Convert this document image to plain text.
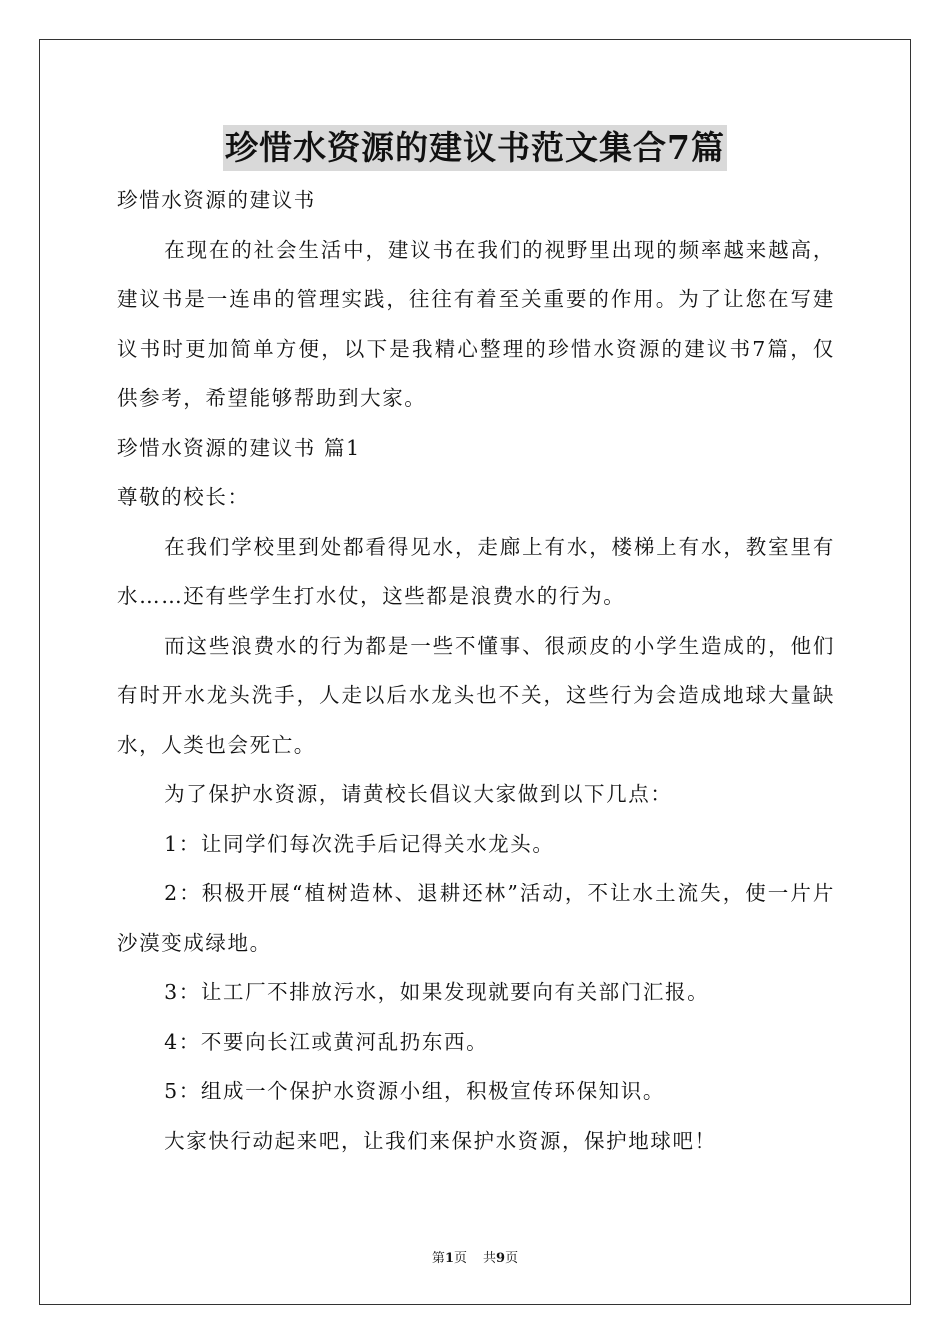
珍惜水资源的建议书范文集合7篇

珍惜水资源的建议书

在现在的社会生活中，建议书在我们的视野里出现的频率越来越高，建议书是一连串的管理实践，往往有着至关重要的作用。为了让您在写建议书时更加简单方便，以下是我精心整理的珍惜水资源的建议书7篇，仅供参考，希望能够帮助到大家。

珍惜水资源的建议书 篇1

尊敬的校长：

在我们学校里到处都看得见水，走廊上有水，楼梯上有水，教室里有水……还有些学生打水仗，这些都是浪费水的行为。

而这些浪费水的行为都是一些不懂事、很顽皮的小学生造成的，他们有时开水龙头洗手，人走以后水龙头也不关，这些行为会造成地球大量缺水，人类也会死亡。

为了保护水资源，请黄校长倡议大家做到以下几点：

1：让同学们每次洗手后记得关水龙头。

2：积极开展“植树造林、退耕还林”活动，不让水土流失，使一片片沙漠变成绿地。

3：让工厂不排放污水，如果发现就要向有关部门汇报。

4：不要向长江或黄河乱扔东西。

5：组成一个保护水资源小组，积极宣传环保知识。

大家快行动起来吧，让我们来保护水资源，保护地球吧！

第1页 共9页
